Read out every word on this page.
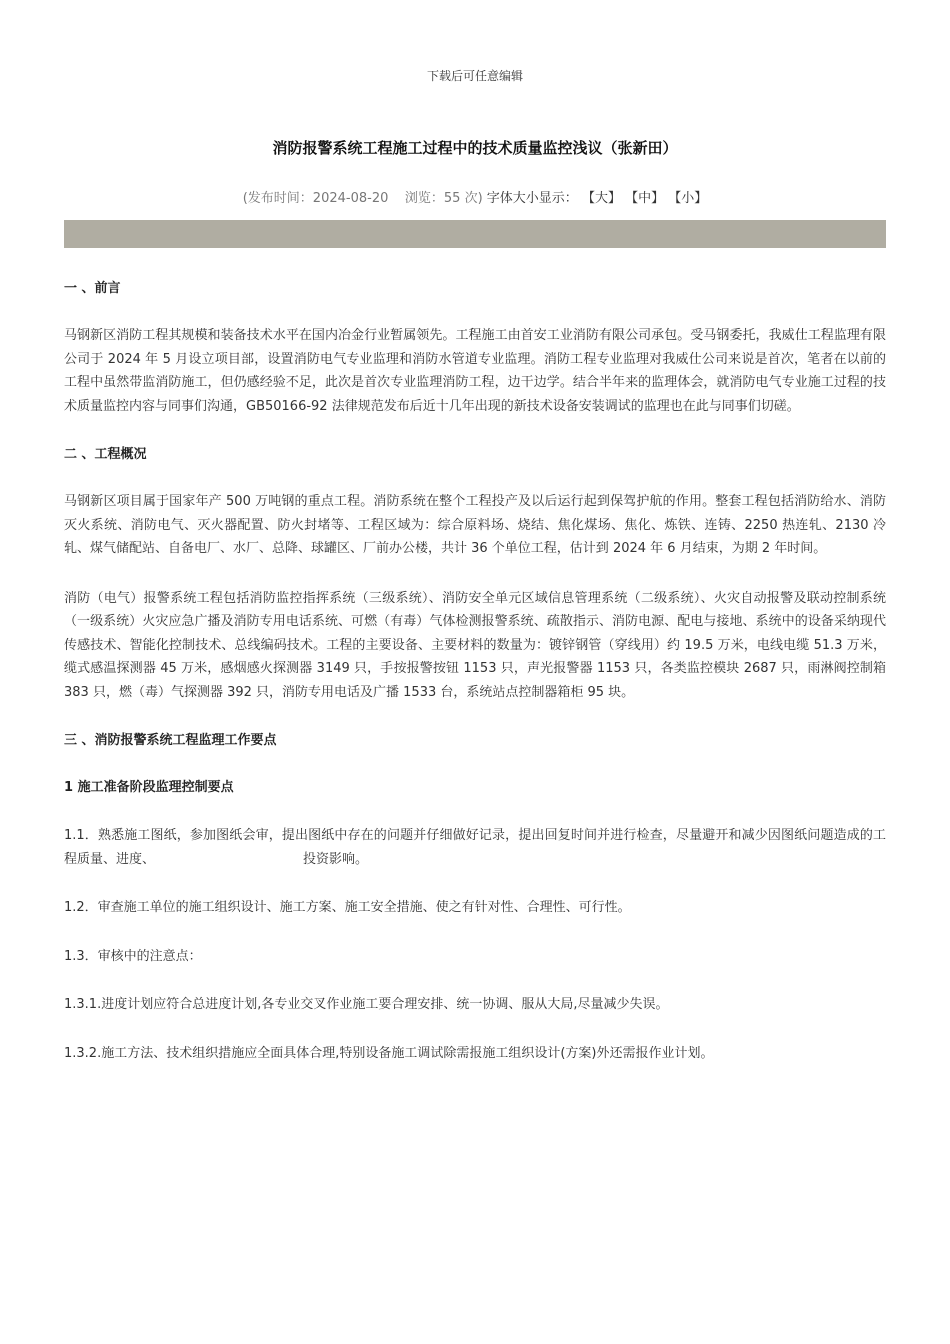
下载后可任意编辑
消防报警系统工程施工过程中的技术质量监控浅议（张新田）
(发布时间：2024-08-20 浏览：55 次) 字体大小显示： 【大】 【中】 【小】

一 、前言

马钢新区消防工程其规模和装备技术水平在国内冶金行业暂属领先。工程施工由首安工业消防有限公司承包。受马钢委托，我威仕工程监理有限公司于 2024 年 5 月设立项目部，设置消防电气专业监理和消防水管道专业监理。消防工程专业监理对我威仕公司来说是首次，笔者在以前的工程中虽然带监消防施工，但仍感经验不足，此次是首次专业监理消防工程，边干边学。结合半年来的监理体会，就消防电气专业施工过程的技术质量监控内容与同事们沟通，GB50166-92 法律规范发布后近十几年出现的新技术设备安装调试的监理也在此与同事们切磋。

二 、工程概况

马钢新区项目属于国家年产 500 万吨钢的重点工程。消防系统在整个工程投产及以后运行起到保驾护航的作用。整套工程包括消防给水、消防灭火系统、消防电气、灭火器配置、防火封堵等、工程区域为：综合原料场、烧结、焦化煤场、焦化、炼铁、连铸、2250 热连轧、2130 冷轧、煤气储配站、自备电厂、水厂、总降、球罐区、厂前办公楼，共计 36 个单位工程，估计到 2024 年 6 月结束，为期 2 年时间。

消防（电气）报警系统工程包括消防监控指挥系统（三级系统）、消防安全单元区域信息管理系统（二级系统）、火灾自动报警及联动控制系统（一级系统）火灾应急广播及消防专用电话系统、可燃（有毒）气体检测报警系统、疏散指示、消防电源、配电与接地、系统中的设备采纳现代传感技术、智能化控制技术、总线编码技术。工程的主要设备、主要材料的数量为：镀锌钢管（穿线用）约 19.5 万米，电线电缆 51.3 万米，缆式感温探测器 45 万米，感烟感火探测器 3149 只，手按报警按钮 1153 只，声光报警器 1153 只，各类监控模块 2687 只，雨淋阀控制箱 383 只，燃（毒）气探测器 392 只，消防专用电话及广播 1533 台，系统站点控制器箱柜 95 块。

三 、消防报警系统工程监理工作要点

1 施工准备阶段监理控制要点

1.1．熟悉施工图纸，参加图纸会审，提出图纸中存在的问题并仔细做好记录，提出回复时间并进行检查，尽量避开和减少因图纸问题造成的工程质量、进度、	投资影响。

1.2．审查施工单位的施工组织设计、施工方案、施工安全措施、使之有针对性、合理性、可行性。

1.3．审核中的注意点：

1.3.1.进度计划应符合总进度计划,各专业交叉作业施工要合理安排、统一协调、服从大局,尽量减少失误。

1.3.2.施工方法、技术组织措施应全面具体合理,特别设备施工调试除需报施工组织设计(方案)外还需报作业计划。
